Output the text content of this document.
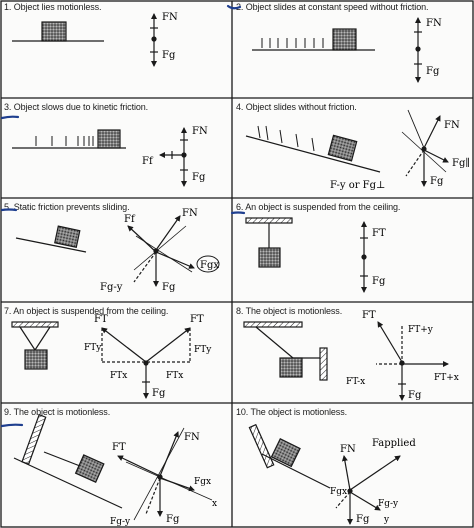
1. Object lies motionless.	2. Object slides at constant speed without friction.
3. Object slows due to kinetic friction.	4. Object slides without friction.
5. Static friction prevents sliding.	6. An object is suspended from the ceiling.
7. An object is suspended from the ceiling.	8. The object is motionless.
9. The object is motionless.	10. The object is motionless.
FN
Fg
FN
Fg
FN
Fg
Ff
FN
Fg
Fg∥
F-y or Fg⊥
FN
Ff
Fg
Fgx
Fg-y
FT
Fg
FT	FT
FTy	FTy
FTx	FTx
Fg
FT
FT+y
FT-x	FT+x
Fg
FN
FT
Fg
Fgx
Fg-y
x
FN
Fapplied
Fgx
Fg-y
Fg y
